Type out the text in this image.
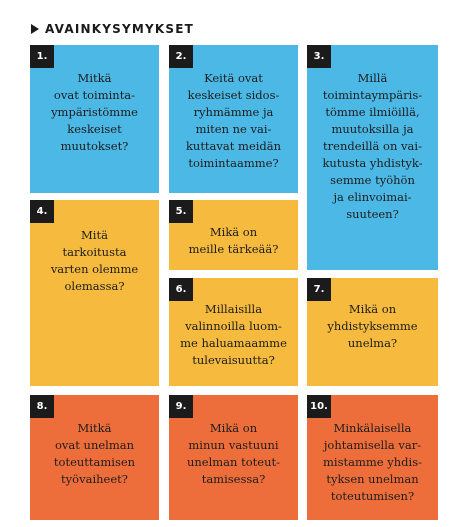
AVAINKYSYMYKSET
1.
Mitkä
ovat toiminta-
ympäristömme
keskeiset
muutokset?
2.
Keitä ovat
keskeiset sidos-
ryhmämme ja
miten ne vai-
kuttavat meidän
toimintaamme?
3.
Millä
toimintaympäris-
tömme ilmiöillä,
muutoksilla ja
trendeillä on vai-
kutusta yhdistyk-
semme työhön
ja elinvoimai-
suuteen?
4.
Mitä
tarkoitusta
varten olemme
olemassa?
5.
Mikä on
meille tärkeää?
6.
Millaisilla
valinnoilla luom-
me haluamaamme
tulevaisuutta?
7.
Mikä on
yhdistyksemme
unelma?
8.
Mitkä
ovat unelman
toteuttamisen
työvaiheet?
9.
Mikä on
minun vastuuni
unelman toteut-
tamisessa?
10.
Minkälaisella
johtamisella var-
mistamme yhdis-
tyksen unelman
toteutumisen?
